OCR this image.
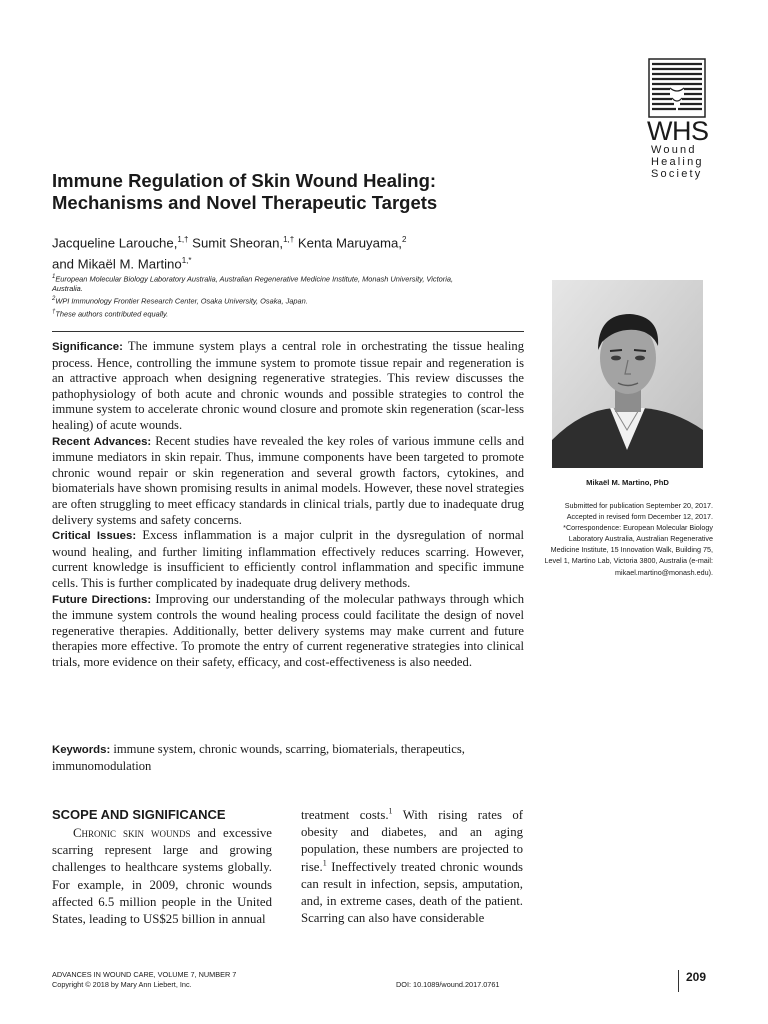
WHS
Wound
Healing
Society
Immune Regulation of Skin Wound Healing:
Mechanisms and Novel Therapeutic Targets
Jacqueline Larouche,$^{1,\dagger}$ Sumit Sheoran,$^{1,\dagger}$ Kenta Maruyama,$^2$
and Mikaël M. Martino$^{1,*}$
$^1$European Molecular Biology Laboratory Australia, Australian Regenerative Medicine Institute, Monash University, Victoria, Australia.
$^2$WPI Immunology Frontier Research Center, Osaka University, Osaka, Japan.
†These authors contributed equally.

Significance: The immune system plays a central role in orchestrating the tissue healing process. Hence, controlling the immune system to promote tissue repair and regeneration is an attractive approach when designing regenerative strategies. This review discusses the pathophysiology of both acute and chronic wounds and possible strategies to control the immune system to accelerate chronic wound closure and promote skin regeneration (scar-less healing) of acute wounds.

Recent Advances: Recent studies have revealed the key roles of various immune cells and immune mediators in skin repair. Thus, immune components have been targeted to promote chronic wound repair or skin regeneration and several growth factors, cytokines, and biomaterials have shown promising results in animal models. However, these novel strategies are often struggling to meet efficacy standards in clinical trials, partly due to inadequate drug delivery systems and safety concerns.

Critical Issues: Excess inflammation is a major culprit in the dysregulation of normal wound healing, and further limiting inflammation effectively reduces scarring. However, current knowledge is insufficient to efficiently control inflammation and specific immune cells. This is further complicated by inadequate drug delivery methods.

Future Directions: Improving our understanding of the molecular pathways through which the immune system controls the wound healing process could facilitate the design of novel regenerative therapies. Additionally, better delivery systems may make current and future therapies more effective. To promote the entry of current regenerative strategies into clinical trials, more evidence on their safety, efficacy, and cost-effectiveness is also needed.

Keywords: immune system, chronic wounds, scarring, biomaterials, therapeutics, immunomodulation
Mikaël M. Martino, PhD

Submitted for publication September 20, 2017.

Accepted in revised form December 12, 2017.

*Correspondence: European Molecular Biology Laboratory Australia, Australian Regenerative Medicine Institute, 15 Innovation Walk, Building 75, Level 1, Martino Lab, Victoria 3800, Australia (e-mail: mikael.martino@monash.edu).

SCOPE AND SIGNIFICANCE
Chronic skin wounds and excessive scarring represent large and growing challenges to healthcare systems globally. For example, in 2009, chronic wounds affected 6.5 million people in the United States, leading to US$25 billion in annual
treatment costs.$^1$ With rising rates of obesity and diabetes, and an aging population, these numbers are projected to rise.$^1$ Ineffectively treated chronic wounds can result in infection, sepsis, amputation, and, in extreme cases, death of the patient. Scarring can also have considerable
ADVANCES IN WOUND CARE, VOLUME 7, NUMBER 7
Copyright © 2018 by Mary Ann Liebert, Inc.	DOI: 10.1089/wound.2017.0761
209
